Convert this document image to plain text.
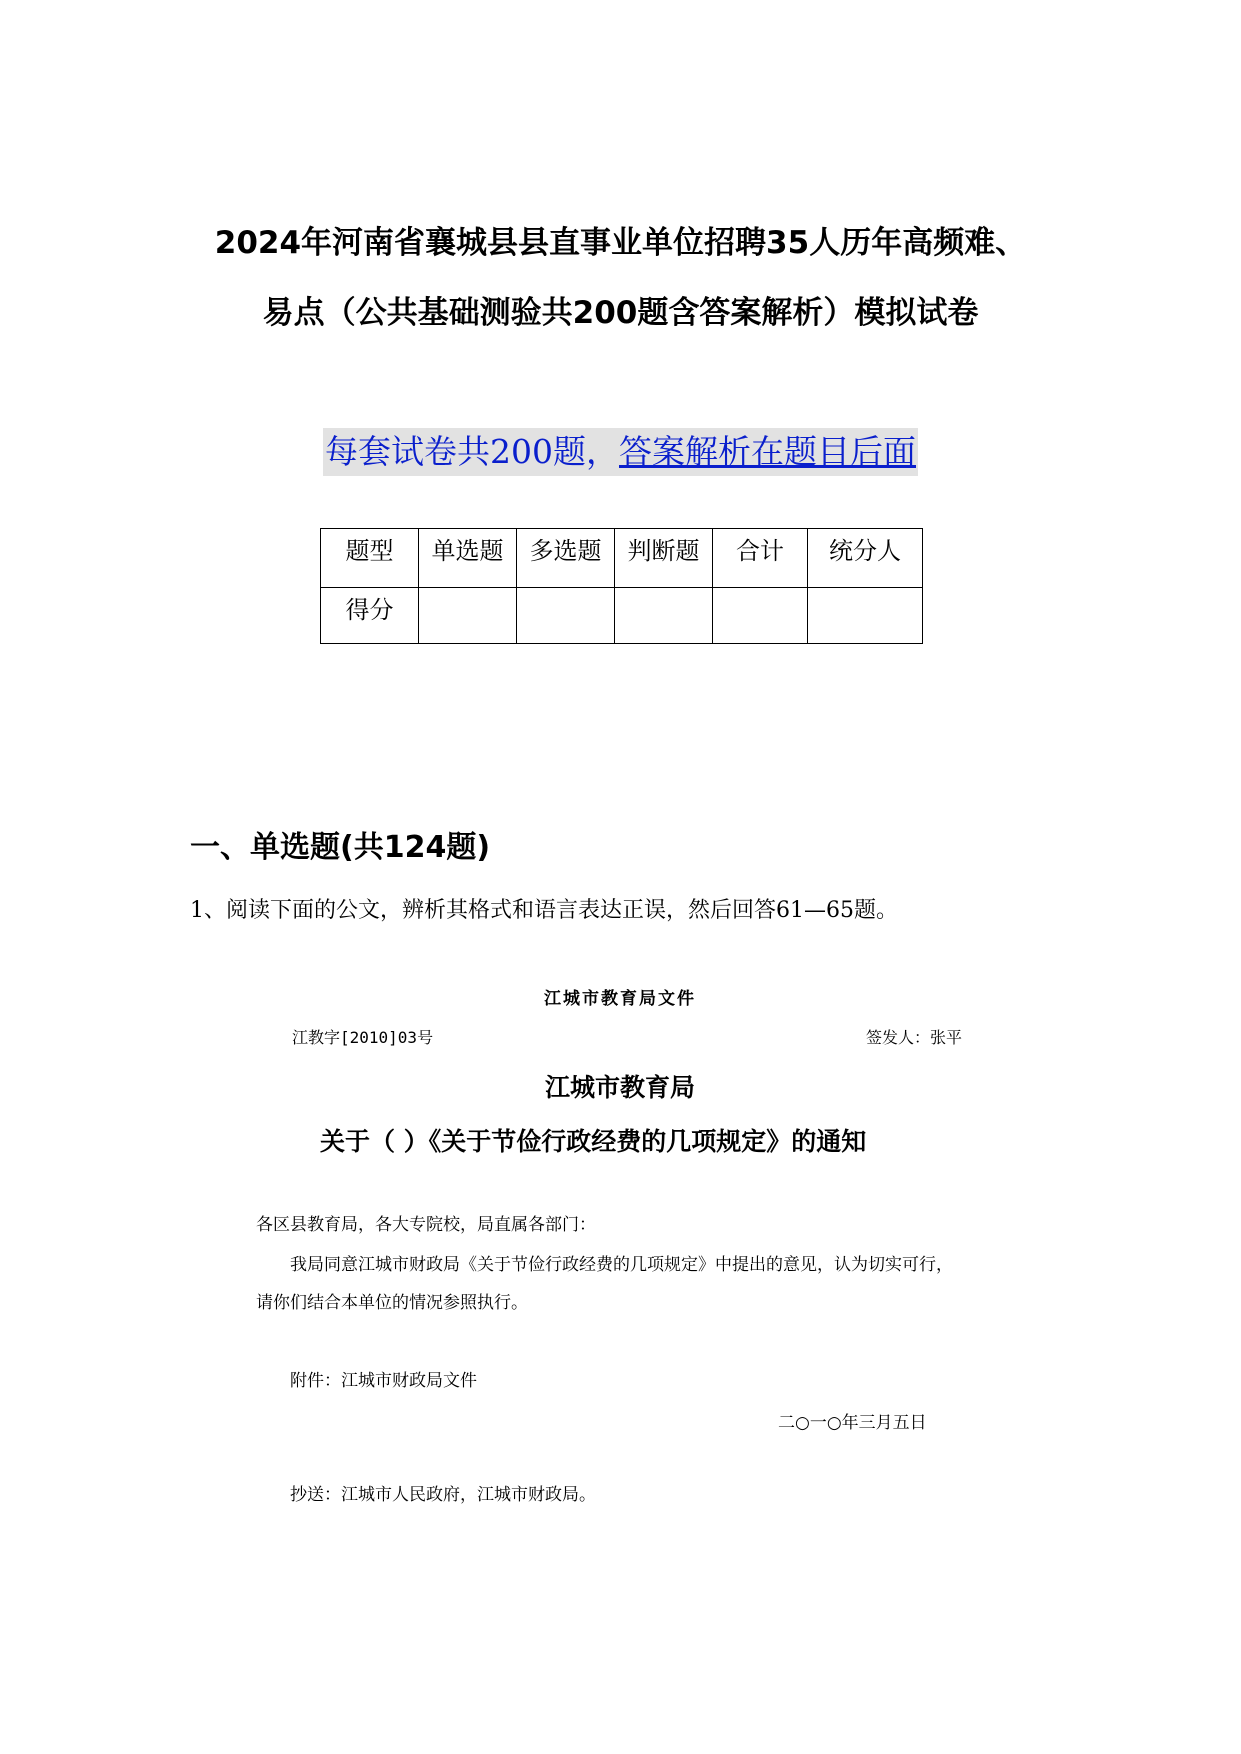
2024年河南省襄城县县直事业单位招聘35人历年高频难、
易点（公共基础测验共200题含答案解析）模拟试卷
每套试卷共200题，答案解析在题目后面
题型	单选题	多选题	判断题	合计	统分人
得分					
一、单选题(共124题)
1、阅读下面的公文，辨析其格式和语言表达正误，然后回答61—65题。
江城市教育局文件
江教字[2010]03号	签发人：张平
江城市教育局
关于（ ）《关于节俭行政经费的几项规定》的通知
各区县教育局，各大专院校，局直属各部门：
我局同意江城市财政局《关于节俭行政经费的几项规定》中提出的意见，认为切实可行，
请你们结合本单位的情况参照执行。
附件：江城市财政局文件
二○一○年三月五日
抄送：江城市人民政府，江城市财政局。
